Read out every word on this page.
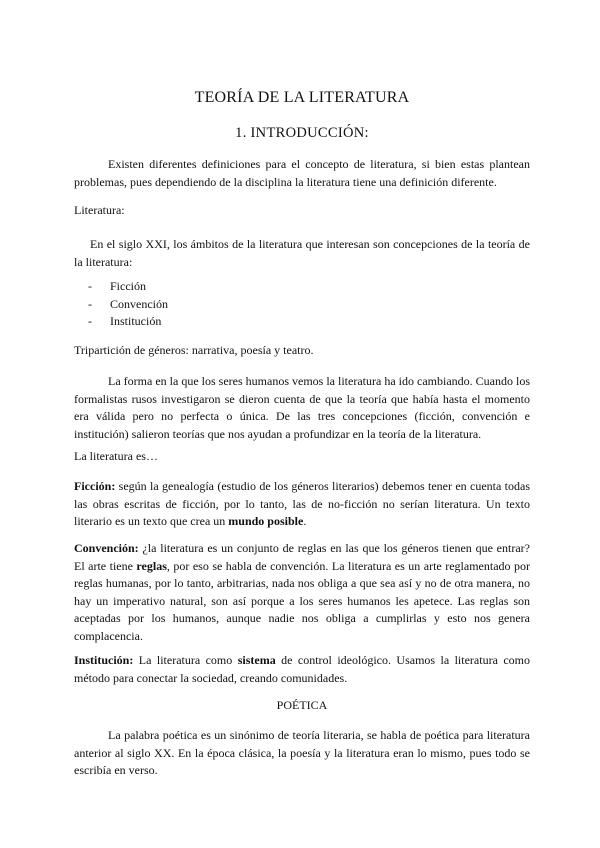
TEORÍA DE LA LITERATURA
1. INTRODUCCIÓN:

Existen diferentes definiciones para el concepto de literatura, si bien estas plantean problemas, pues dependiendo de la disciplina la literatura tiene una definición diferente.

Literatura:

En el siglo XXI, los ámbitos de la literatura que interesan son concepciones de la teoría de la literatura:

- Ficción
- Convención
- Institución

Tripartición de géneros: narrativa, poesía y teatro.

La forma en la que los seres humanos vemos la literatura ha ido cambiando. Cuando los formalistas rusos investigaron se dieron cuenta de que la teoría que había hasta el momento era válida pero no perfecta o única. De las tres concepciones (ficción, convención e institución) salieron teorías que nos ayudan a profundizar en la teoría de la literatura.

La literatura es…

Ficción: según la genealogía (estudio de los géneros literarios) debemos tener en cuenta todas las obras escritas de ficción, por lo tanto, las de no-ficción no serían literatura. Un texto literario es un texto que crea un mundo posible.

Convención: ¿la literatura es un conjunto de reglas en las que los géneros tienen que entrar? El arte tiene reglas, por eso se habla de convención. La literatura es un arte reglamentado por reglas humanas, por lo tanto, arbitrarias, nada nos obliga a que sea así y no de otra manera, no hay un imperativo natural, son así porque a los seres humanos les apetece. Las reglas son aceptadas por los humanos, aunque nadie nos obliga a cumplirlas y esto nos genera complacencia.

Institución: La literatura como sistema de control ideológico. Usamos la literatura como método para conectar la sociedad, creando comunidades.

POÉTICA

La palabra poética es un sinónimo de teoría literaria, se habla de poética para literatura anterior al siglo XX. En la época clásica, la poesía y la literatura eran lo mismo, pues todo se escribía en verso.
